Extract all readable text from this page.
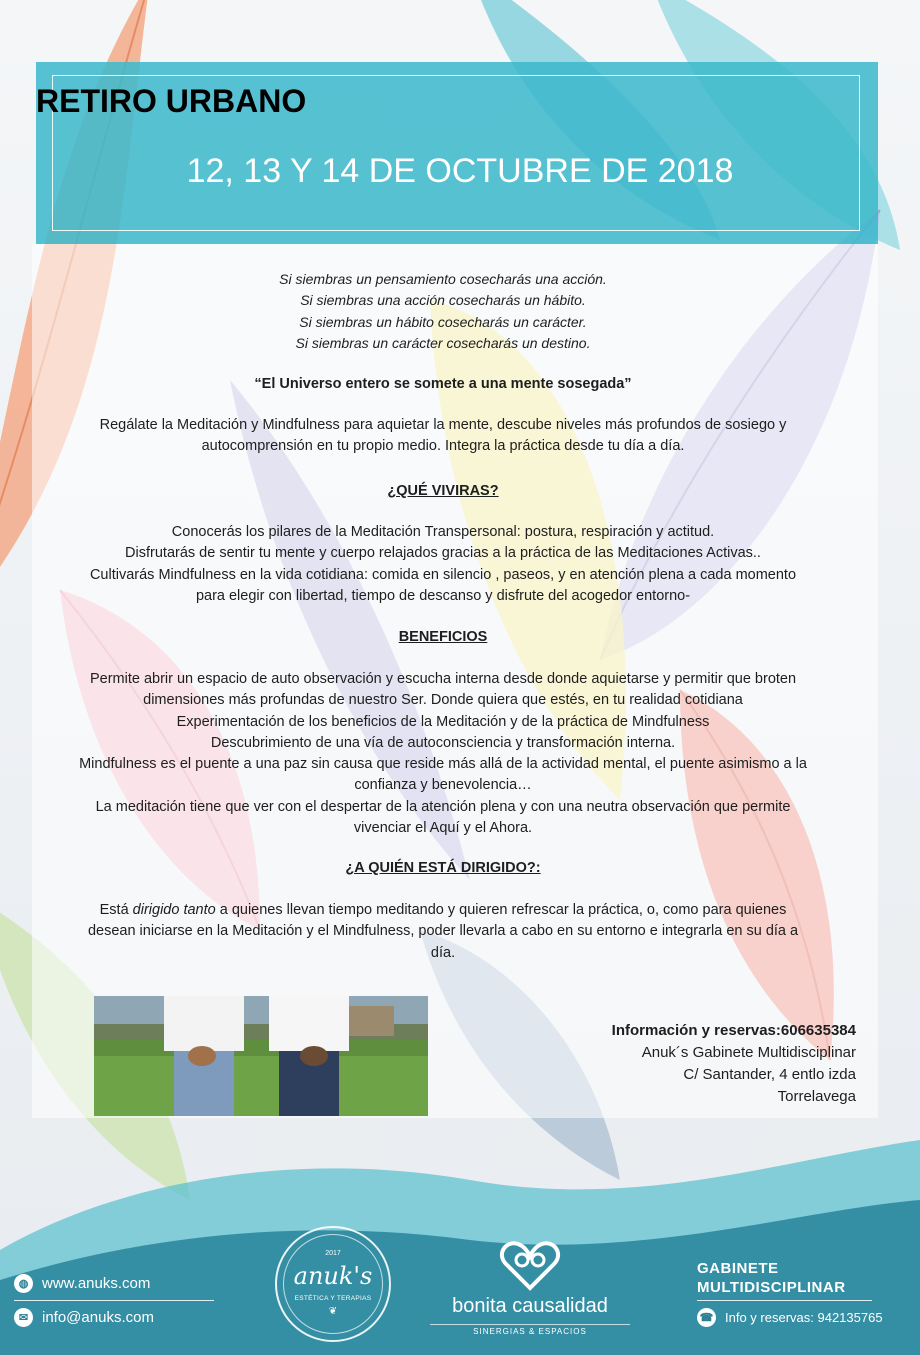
RETIRO URBANO
12, 13 Y 14 DE OCTUBRE DE 2018
Si siembras un pensamiento cosecharás una acción.
Si siembras una acción cosecharás un hábito.
Si siembras un hábito cosecharás un carácter.
Si siembras un carácter cosecharás un destino.
“El Universo entero se somete a una mente sosegada”
Regálate la Meditación y Mindfulness para aquietar la mente, descube niveles más profundos de sosiego y
autocomprensión en tu propio medio. Integra la práctica desde tu día a día.
¿QUÉ VIVIRAS?
Conocerás los pilares de la Meditación Transpersonal: postura, respiración y actitud.
Disfrutarás de sentir tu mente y cuerpo relajados gracias a la práctica de las Meditaciones Activas..
Cultivarás Mindfulness en la vida cotidiana: comida en silencio , paseos, y en atención plena a cada momento
para elegir con libertad, tiempo de descanso y disfrute del acogedor entorno-
BENEFICIOS
Permite abrir un espacio de auto observación y escucha interna desde donde aquietarse y permitir que broten
dimensiones más profundas de nuestro Ser. Donde quiera que estés, en tu realidad cotidiana
Experimentación de los beneficios de la Meditación y de la práctica de Mindfulness
Descubrimiento de una vía de autoconsciencia y transformación interna.
Mindfulness es el puente a una paz sin causa que reside más allá de la actividad mental, el puente asimismo a la
confianza y benevolencia…
La meditación tiene que ver con el despertar de la atención plena y con una neutra observación que permite
vivenciar el Aquí y el Ahora.
¿A QUIÉN ESTÁ DIRIGIDO?:
Está dirigido tanto a quienes llevan tiempo meditando y quieren refrescar la práctica, o, como para quienes
desean iniciarse en la Meditación y el Mindfulness, poder llevarla a cabo en su entorno e integrarla en su día a
día.
Información y reservas:606635384
Anuk´s Gabinete Multidisciplinar
C/ Santander, 4 entlo izda
Torrelavega
◍ www.anuks.com
✉ info@anuks.com
2017
anuk's
ESTÉTICA Y TERAPIAS
❦	bonita causalidad
SINERGIAS & ESPACIOS
GABINETE
MULTIDISCIPLINAR
☎ Info y reservas: 942135765
